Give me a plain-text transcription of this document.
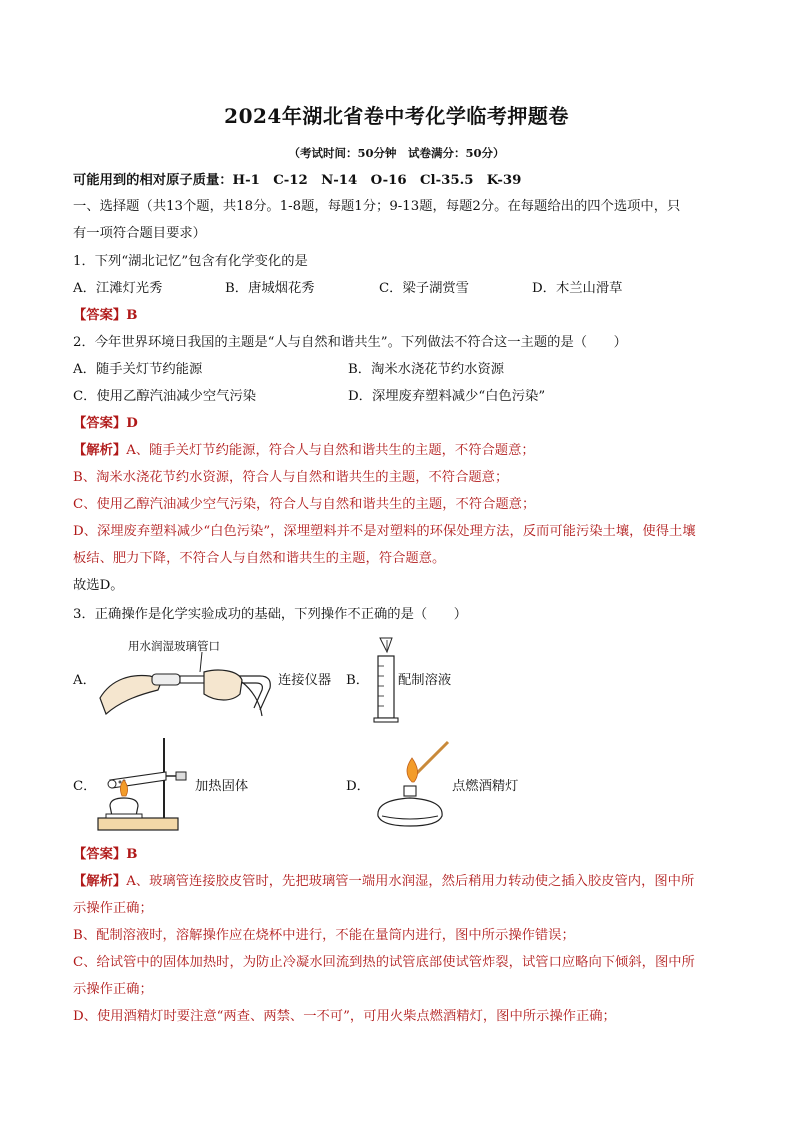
2024年湖北省卷中考化学临考押题卷
（考试时间：50分钟　试卷满分：50分）
可能用到的相对原子质量：H-1　C-12　N-14　O-16　Cl-35.5　K-39
一、选择题（共13个题，共18分。1-8题，每题1分；9-13题，每题2分。在每题给出的四个选项中，只
有一项符合题目要求）
1．下列“湖北记忆”包含有化学变化的是
A．江滩灯光秀	B．唐城烟花秀	C．梁子湖赏雪	D．木兰山滑草
【答案】B
2．今年世界环境日我国的主题是“人与自然和谐共生”。下列做法不符合这一主题的是（　　）
A．随手关灯节约能源	B．淘米水浇花节约水资源
C．使用乙醇汽油减少空气污染	D．深埋废弃塑料减少“白色污染”
【答案】D
【解析】A、随手关灯节约能源，符合人与自然和谐共生的主题，不符合题意；
B、淘米水浇花节约水资源，符合人与自然和谐共生的主题，不符合题意；
C、使用乙醇汽油减少空气污染，符合人与自然和谐共生的主题，不符合题意；
D、深埋废弃塑料减少“白色污染”，深埋塑料并不是对塑料的环保处理方法，反而可能污染土壤，使得土壤
板结、肥力下降，不符合人与自然和谐共生的主题，符合题意。
故选D。
3．正确操作是化学实验成功的基础，下列操作不正确的是（　　）
A．
用水润湿玻璃管口
连接仪器 B． 配制溶液
C．	加热固体	D．	点燃酒精灯
【答案】B
【解析】A、玻璃管连接胶皮管时，先把玻璃管一端用水润湿，然后稍用力转动使之插入胶皮管内，图中所
示操作正确；
B、配制溶液时，溶解操作应在烧杯中进行，不能在量筒内进行，图中所示操作错误；
C、给试管中的固体加热时，为防止冷凝水回流到热的试管底部使试管炸裂，试管口应略向下倾斜，图中所
示操作正确；
D、使用酒精灯时要注意“两查、两禁、一不可”，可用火柴点燃酒精灯，图中所示操作正确；
